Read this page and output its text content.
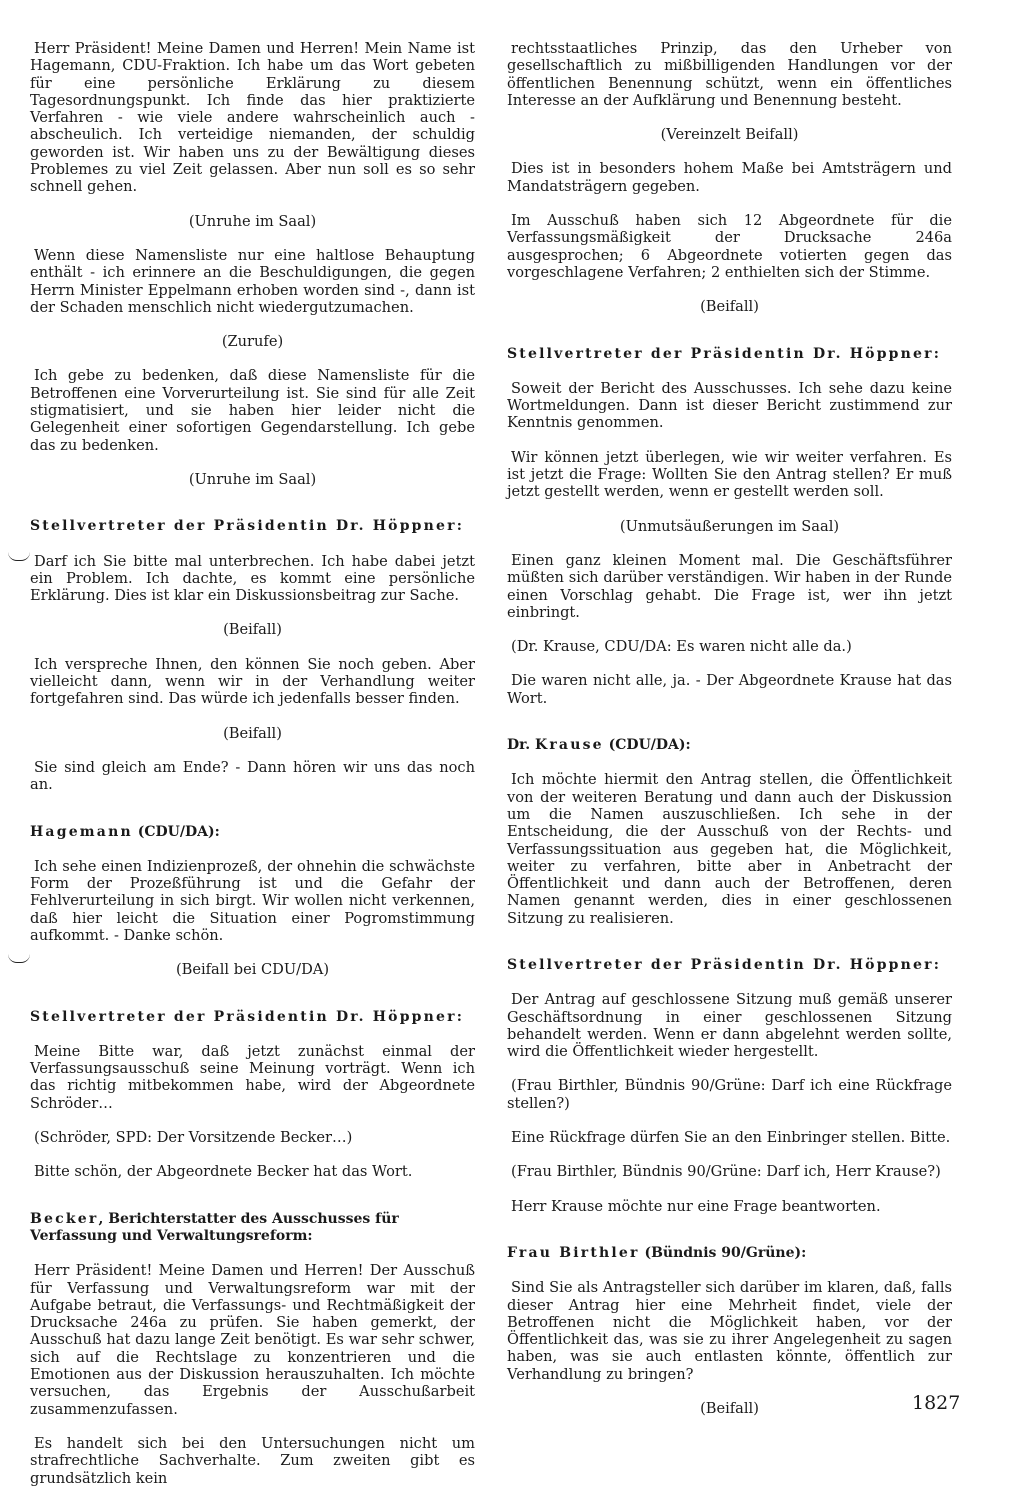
Herr Präsident! Meine Damen und Herren! Mein Name ist Hagemann, CDU-Fraktion. Ich habe um das Wort gebeten für eine persönliche Erklärung zu diesem Tagesordnungspunkt. Ich finde das hier praktizierte Verfahren - wie viele andere wahrscheinlich auch - abscheulich. Ich verteidige niemanden, der schuldig geworden ist. Wir haben uns zu der Bewältigung dieses Problemes zu viel Zeit gelassen. Aber nun soll es so sehr schnell gehen.

(Unruhe im Saal)

Wenn diese Namensliste nur eine haltlose Behauptung enthält - ich erinnere an die Beschuldigungen, die gegen Herrn Minister Eppelmann erhoben worden sind -, dann ist der Schaden menschlich nicht wiedergutzumachen.

(Zurufe)

Ich gebe zu bedenken, daß diese Namensliste für die Betroffenen eine Vorverurteilung ist. Sie sind für alle Zeit stigmatisiert, und sie haben hier leider nicht die Gelegenheit einer sofortigen Gegendarstellung. Ich gebe das zu bedenken.

(Unruhe im Saal)

Stellvertreter der Präsidentin Dr. Höppner:

Darf ich Sie bitte mal unterbrechen. Ich habe dabei jetzt ein Problem. Ich dachte, es kommt eine persönliche Erklärung. Dies ist klar ein Diskussionsbeitrag zur Sache.

(Beifall)

Ich verspreche Ihnen, den können Sie noch geben. Aber vielleicht dann, wenn wir in der Verhandlung weiter fortgefahren sind. Das würde ich jedenfalls besser finden.

(Beifall)

Sie sind gleich am Ende? - Dann hören wir uns das noch an.

Hagemann (CDU/DA):

Ich sehe einen Indizienprozeß, der ohnehin die schwächste Form der Prozeßführung ist und die Gefahr der Fehlverurteilung in sich birgt. Wir wollen nicht verkennen, daß hier leicht die Situation einer Pogromstimmung aufkommt. - Danke schön.

(Beifall bei CDU/DA)

Stellvertreter der Präsidentin Dr. Höppner:

Meine Bitte war, daß jetzt zunächst einmal der Verfassungsausschuß seine Meinung vorträgt. Wenn ich das richtig mitbekommen habe, wird der Abgeordnete Schröder…

(Schröder, SPD: Der Vorsitzende Becker…)

Bitte schön, der Abgeordnete Becker hat das Wort.

Becker, Berichterstatter des Ausschusses für Verfassung und Verwaltungsreform:

Herr Präsident! Meine Damen und Herren! Der Ausschuß für Verfassung und Verwaltungsreform war mit der Aufgabe betraut, die Verfassungs- und Rechtmäßigkeit der Drucksache 246a zu prüfen. Sie haben gemerkt, der Ausschuß hat dazu lange Zeit benötigt. Es war sehr schwer, sich auf die Rechtslage zu konzentrieren und die Emotionen aus der Diskussion herauszuhalten. Ich möchte versuchen, das Ergebnis der Ausschußarbeit zusammenzufassen.

Es handelt sich bei den Untersuchungen nicht um strafrechtliche Sachverhalte. Zum zweiten gibt es grundsätzlich kein

rechtsstaatliches Prinzip, das den Urheber von gesellschaftlich zu mißbilligenden Handlungen vor der öffentlichen Benennung schützt, wenn ein öffentliches Interesse an der Aufklärung und Benennung besteht.

(Vereinzelt Beifall)

Dies ist in besonders hohem Maße bei Amtsträgern und Mandatsträgern gegeben.

Im Ausschuß haben sich 12 Abgeordnete für die Verfassungsmäßigkeit der Drucksache 246a ausgesprochen; 6 Abgeordnete votierten gegen das vorgeschlagene Verfahren; 2 enthielten sich der Stimme.

(Beifall)

Stellvertreter der Präsidentin Dr. Höppner:

Soweit der Bericht des Ausschusses. Ich sehe dazu keine Wortmeldungen. Dann ist dieser Bericht zustimmend zur Kenntnis genommen.

Wir können jetzt überlegen, wie wir weiter verfahren. Es ist jetzt die Frage: Wollten Sie den Antrag stellen? Er muß jetzt gestellt werden, wenn er gestellt werden soll.

(Unmutsäußerungen im Saal)

Einen ganz kleinen Moment mal. Die Geschäftsführer müßten sich darüber verständigen. Wir haben in der Runde einen Vorschlag gehabt. Die Frage ist, wer ihn jetzt einbringt.

(Dr. Krause, CDU/DA: Es waren nicht alle da.)

Die waren nicht alle, ja. - Der Abgeordnete Krause hat das Wort.

Dr. Krause (CDU/DA):

Ich möchte hiermit den Antrag stellen, die Öffentlichkeit von der weiteren Beratung und dann auch der Diskussion um die Namen auszuschließen. Ich sehe in der Entscheidung, die der Ausschuß von der Rechts- und Verfassungssituation aus gegeben hat, die Möglichkeit, weiter zu verfahren, bitte aber in Anbetracht der Öffentlichkeit und dann auch der Betroffenen, deren Namen genannt werden, dies in einer geschlossenen Sitzung zu realisieren.

Stellvertreter der Präsidentin Dr. Höppner:

Der Antrag auf geschlossene Sitzung muß gemäß unserer Geschäftsordnung in einer geschlossenen Sitzung behandelt werden. Wenn er dann abgelehnt werden sollte, wird die Öffentlichkeit wieder hergestellt.

(Frau Birthler, Bündnis 90/Grüne: Darf ich eine Rückfrage stellen?)

Eine Rückfrage dürfen Sie an den Einbringer stellen. Bitte.

(Frau Birthler, Bündnis 90/Grüne: Darf ich, Herr Krause?)

Herr Krause möchte nur eine Frage beantworten.

Frau Birthler (Bündnis 90/Grüne):

Sind Sie als Antragsteller sich darüber im klaren, daß, falls dieser Antrag hier eine Mehrheit findet, viele der Betroffenen nicht die Möglichkeit haben, vor der Öffentlichkeit das, was sie zu ihrer Angelegenheit zu sagen haben, was sie auch entlasten könnte, öffentlich zur Verhandlung zu bringen?

(Beifall)	1827
